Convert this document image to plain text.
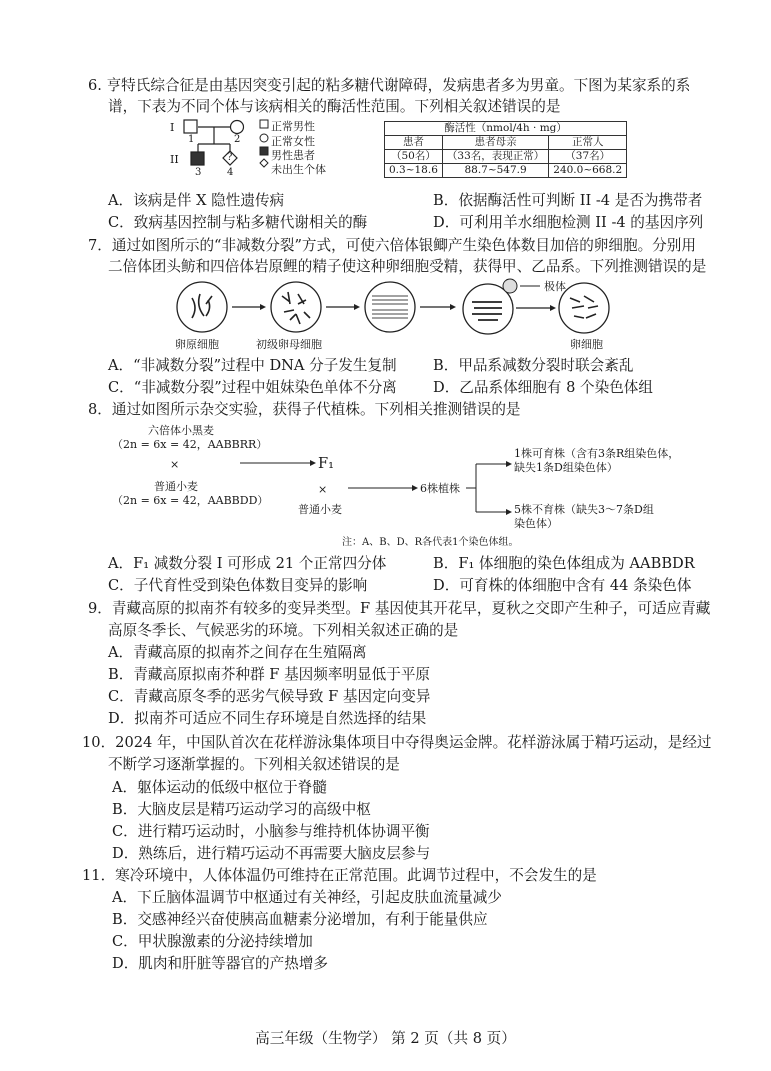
6. 亨特氏综合征是由基因突变引起的粘多糖代谢障碍，发病患者多为男童。下图为某家系的系
谱，下表为不同个体与该病相关的酶活性范围。下列相关叙述错误的是
I
II
1	2
3	4
?
正常男性
正常女性
男性患者
未出生个体
酶活性（nmol/4h · mg）		
患者	患者母亲	正常人
（50名）	（33名，表现正常）	（37名）
0.3~18.6	88.7~547.9	240.0~668.2
A．该病是伴 X 隐性遗传病	B．依据酶活性可判断 II -4 是否为携带者
C．致病基因控制与粘多糖代谢相关的酶	D．可利用羊水细胞检测 II -4 的基因序列
7．通过如图所示的“非减数分裂”方式，可使六倍体银鲫产生染色体数目加倍的卵细胞。分别用
二倍体团头鲂和四倍体岩原鲤的精子使这种卵细胞受精，获得甲、乙品系。下列推测错误的是
卵原细胞	初级卵母细胞
极体
卵细胞
A．“非减数分裂”过程中 DNA 分子发生复制 B．甲品系减数分裂时联会紊乱
C．“非减数分裂”过程中姐妹染色单体不分离 D．乙品系体细胞有 8 个染色体组
8．通过如图所示杂交实验，获得子代植株。下列相关推测错误的是
六倍体小黑麦
（2n = 6x = 42，AABBRR）
×
普通小麦
（2n = 6x = 42，AABBDD）
F₁
×
普通小麦
6株植株
1株可育株（含有3条R组染色体，
缺失1条D组染色体）
5株不育株（缺失3～7条D组
染色体）
注：A、B、D、R各代表1个染色体组。
A．F₁ 减数分裂 I 可形成 21 个正常四分体	B．F₁ 体细胞的染色体组成为 AABBDR
C．子代育性受到染色体数目变异的影响	D．可育株的体细胞中含有 44 条染色体
9．青藏高原的拟南芥有较多的变异类型。F 基因使其开花早，夏秋之交即产生种子，可适应青藏
高原冬季长、气候恶劣的环境。下列相关叙述正确的是
A．青藏高原的拟南芥之间存在生殖隔离
B．青藏高原拟南芥种群 F 基因频率明显低于平原
C．青藏高原冬季的恶劣气候导致 F 基因定向变异
D．拟南芥可适应不同生存环境是自然选择的结果
10．2024 年，中国队首次在花样游泳集体项目中夺得奥运金牌。花样游泳属于精巧运动，是经过
不断学习逐渐掌握的。下列相关叙述错误的是
A．躯体运动的低级中枢位于脊髓
B．大脑皮层是精巧运动学习的高级中枢
C．进行精巧运动时，小脑参与维持机体协调平衡
D．熟练后，进行精巧运动不再需要大脑皮层参与
11．寒冷环境中，人体体温仍可维持在正常范围。此调节过程中，不会发生的是
A．下丘脑体温调节中枢通过有关神经，引起皮肤血流量减少
B．交感神经兴奋使胰高血糖素分泌增加，有利于能量供应
C．甲状腺激素的分泌持续增加
D．肌肉和肝脏等器官的产热增多
高三年级（生物学） 第 2 页（共 8 页）
